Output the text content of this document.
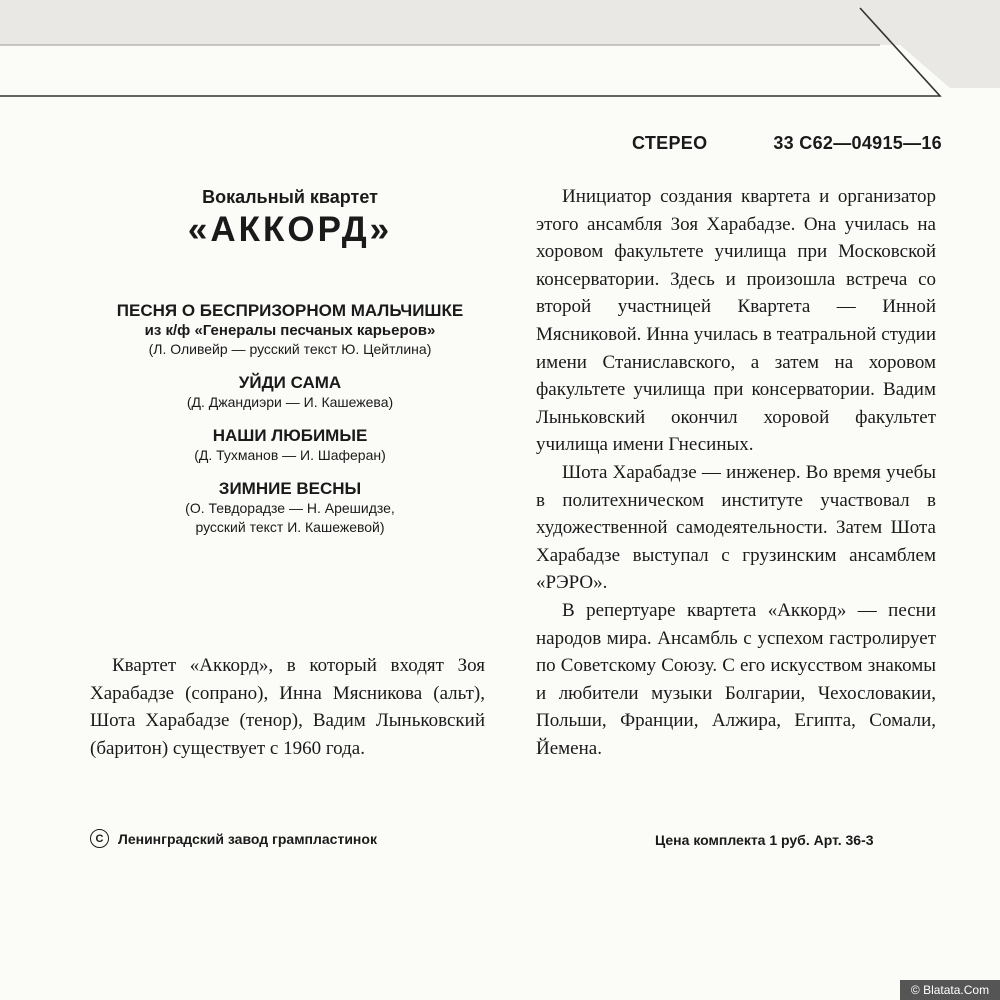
СТЕРЕО	33 С62—04915—16
Вокальный квартет
«АККОРД»
ПЕСНЯ О БЕСПРИЗОРНОМ МАЛЬЧИШКЕ
из к/ф «Генералы песчаных карьеров»
(Л. Оливейр — русский текст Ю. Цейтлина)
УЙДИ САМА
(Д. Джандиэри — И. Кашежева)
НАШИ ЛЮБИМЫЕ
(Д. Тухманов — И. Шаферан)
ЗИМНИЕ ВЕСНЫ
(О. Тевдорадзе — Н. Арешидзе,
русский текст И. Кашежевой)

Квартет «Аккорд», в который входят Зоя Харабадзе (сопрано), Инна Мясникова (альт), Шота Харабадзе (тенор), Вадим Лыньковский (баритон) существует с 1960 года.

Инициатор создания квартета и организатор этого ансамбля Зоя Харабадзе. Она училась на хоровом факультете училища при Московской консерватории. Здесь и произошла встреча со второй участницей Квартета — Инной Мясниковой. Инна училась в театральной студии имени Станиславского, а затем на хоровом факультете училища при консерватории. Вадим Лыньковский окончил хоровой факультет училища имени Гнесиных.

Шота Харабадзе — инженер. Во время учебы в политехническом институте участвовал в художественной самодеятельности. Затем Шота Харабадзе выступал с грузинским ансамблем «РЭРО».

В репертуаре квартета «Аккорд» — песни народов мира. Ансамбль с успехом гастролирует по Советскому Союзу. С его искусством знакомы и любители музыки Болгарии, Чехословакии, Польши, Франции, Алжира, Египта, Сомали, Йемена.

C	Ленинградский завод грампластинок	Цена комплекта 1 руб. Арт. 36-3
© Blatata.Com
